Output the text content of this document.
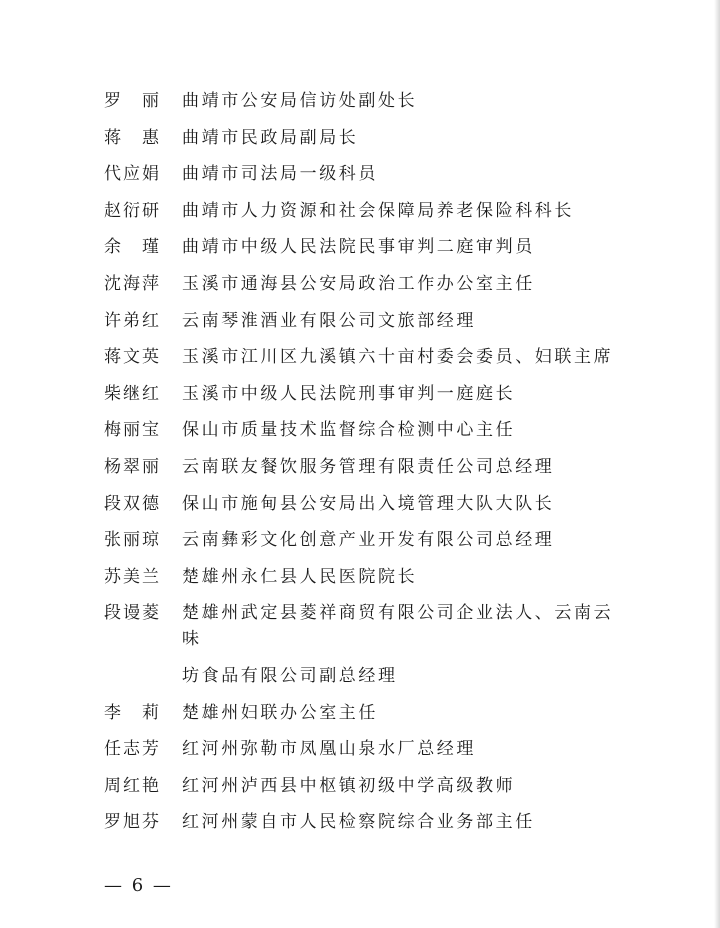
罗　丽	曲靖市公安局信访处副处长
蒋　惠	曲靖市民政局副局长
代应娟	曲靖市司法局一级科员
赵衍研	曲靖市人力资源和社会保障局养老保险科科长
余　瑾	曲靖市中级人民法院民事审判二庭审判员
沈海萍	玉溪市通海县公安局政治工作办公室主任
许弟红	云南琴淮酒业有限公司文旅部经理
蒋文英	玉溪市江川区九溪镇六十亩村委会委员、妇联主席
柴继红	玉溪市中级人民法院刑事审判一庭庭长
梅丽宝	保山市质量技术监督综合检测中心主任
杨翠丽	云南联友餐饮服务管理有限责任公司总经理
段双德	保山市施甸县公安局出入境管理大队大队长
张丽琼	云南彝彩文化创意产业开发有限公司总经理
苏美兰	楚雄州永仁县人民医院院长
段谩菱	楚雄州武定县菱祥商贸有限公司企业法人、云南云味
坊食品有限公司副总经理
李　莉	楚雄州妇联办公室主任
任志芳	红河州弥勒市凤凰山泉水厂总经理
周红艳	红河州泸西县中枢镇初级中学高级教师
罗旭芬	红河州蒙自市人民检察院综合业务部主任
— 6 —
